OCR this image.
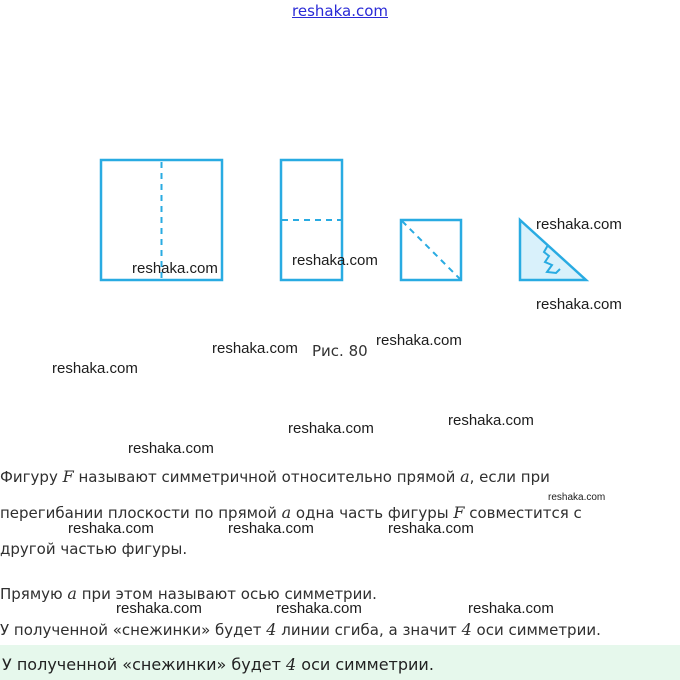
reshaka.com
reshaka.com
reshaka.com
reshaka.com
reshaka.com
reshaka.com
reshaka.com
reshaka.com
reshaka.com
reshaka.com
reshaka.com
reshaka.com
reshaka.com	reshaka.com	reshaka.com
reshaka.com	reshaka.com	reshaka.com
Рис. 80
Фигуру F называют симметричной относительно прямой a, если при
перегибании плоскости по прямой a одна часть фигуры F совместится с
другой частью фигуры.
Прямую a при этом называют осью симметрии.
У полученной «снежинки» будет 4 линии сгиба, а значит 4 оси симметрии.
У полученной «снежинки» будет 4 оси симметрии.
